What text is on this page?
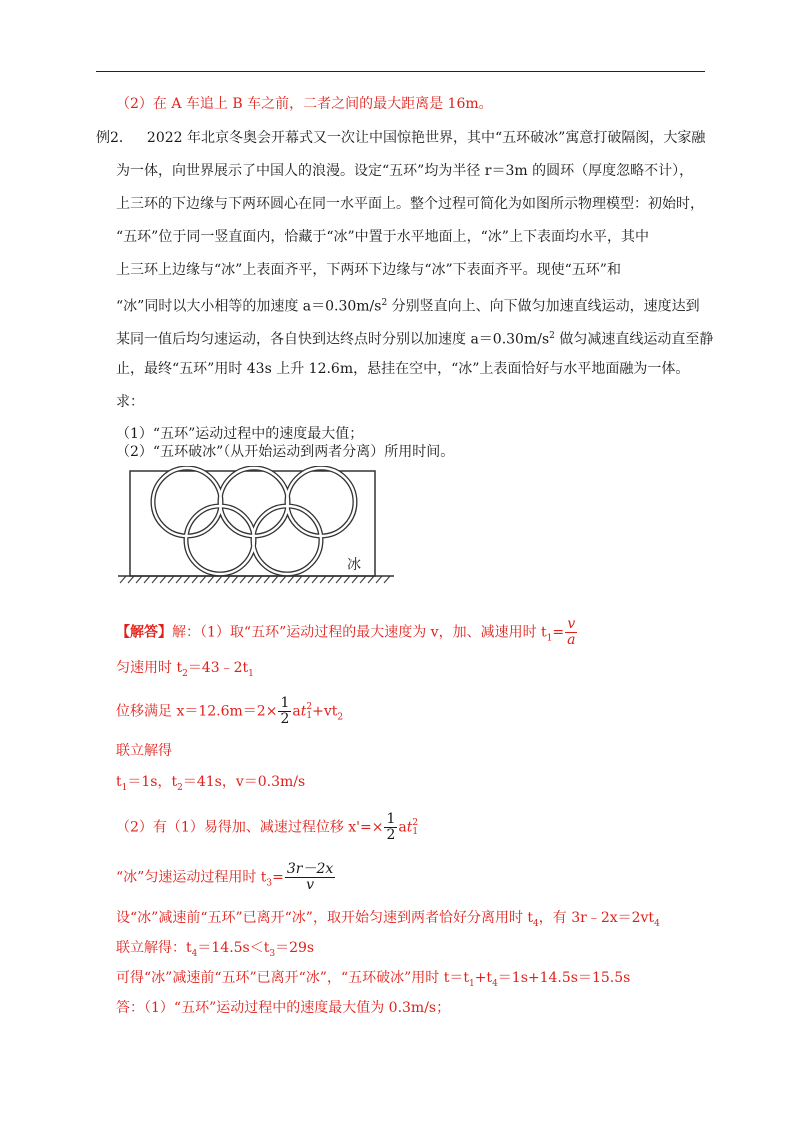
（2）在 A 车追上 B 车之前，二者之间的最大距离是 16m。
例2． 2022 年北京冬奥会开幕式又一次让中国惊艳世界，其中“五环破冰”寓意打破隔阂，大家融
为一体，向世界展示了中国人的浪漫。设定“五环”均为半径 r＝3m 的圆环（厚度忽略不计），
上三环的下边缘与下两环圆心在同一水平面上。整个过程可简化为如图所示物理模型：初始时，
“五环”位于同一竖直面内，恰藏于“冰”中置于水平地面上，“冰”上下表面均水平，其中
上三环上边缘与“冰”上表面齐平，下两环下边缘与“冰”下表面齐平。现使“五环”和
“冰”同时以大小相等的加速度 $a=0.30m/s^2$ 分别竖直向上、向下做匀加速直线运动，速度达到
某同一值后均匀速运动，各自快到达终点时分别以加速度 $a=0.30m/s^2$ 做匀减速直线运动直至静
止，最终“五环”用时 43s 上升 12.6m，悬挂在空中，“冰”上表面恰好与水平地面融为一体。
求：
（1）“五环”运动过程中的速度最大值；
（2）“五环破冰”（从开始运动到两者分离）所用时间。
冰
【解答】解：（1）取“五环”运动过程的最大速度为 v，加、减速用时 $t_1= \frac{v}{a}$
匀速用时 $t_2=43﹣2t_1$
位移满足 $x=12.6m=2\times \frac{1}{2}$ at 2
$1 +vt_2$
联立解得
$t_1=1s$，$t_2=41s$，v＝0.3m/s
（2）有（1）易得加、减速过程位移 $x'=\times \frac{1}{2}$ at 2
1
“冰”匀速运动过程用时 $t_3= \frac{3r-2x}{v}$
设“冰”减速前“五环”已离开“冰”，取开始匀速到两者恰好分离用时 $t_4$，有 $3r﹣2x=2vt_4$
联立解得：$t_4=14.5s<t_3=29s$
可得“冰”减速前“五环”已离开“冰”，“五环破冰”用时 $t=t_1+t_4=1s+14.5s=15.5s$
答：（1）“五环”运动过程中的速度最大值为 0.3m/s；
